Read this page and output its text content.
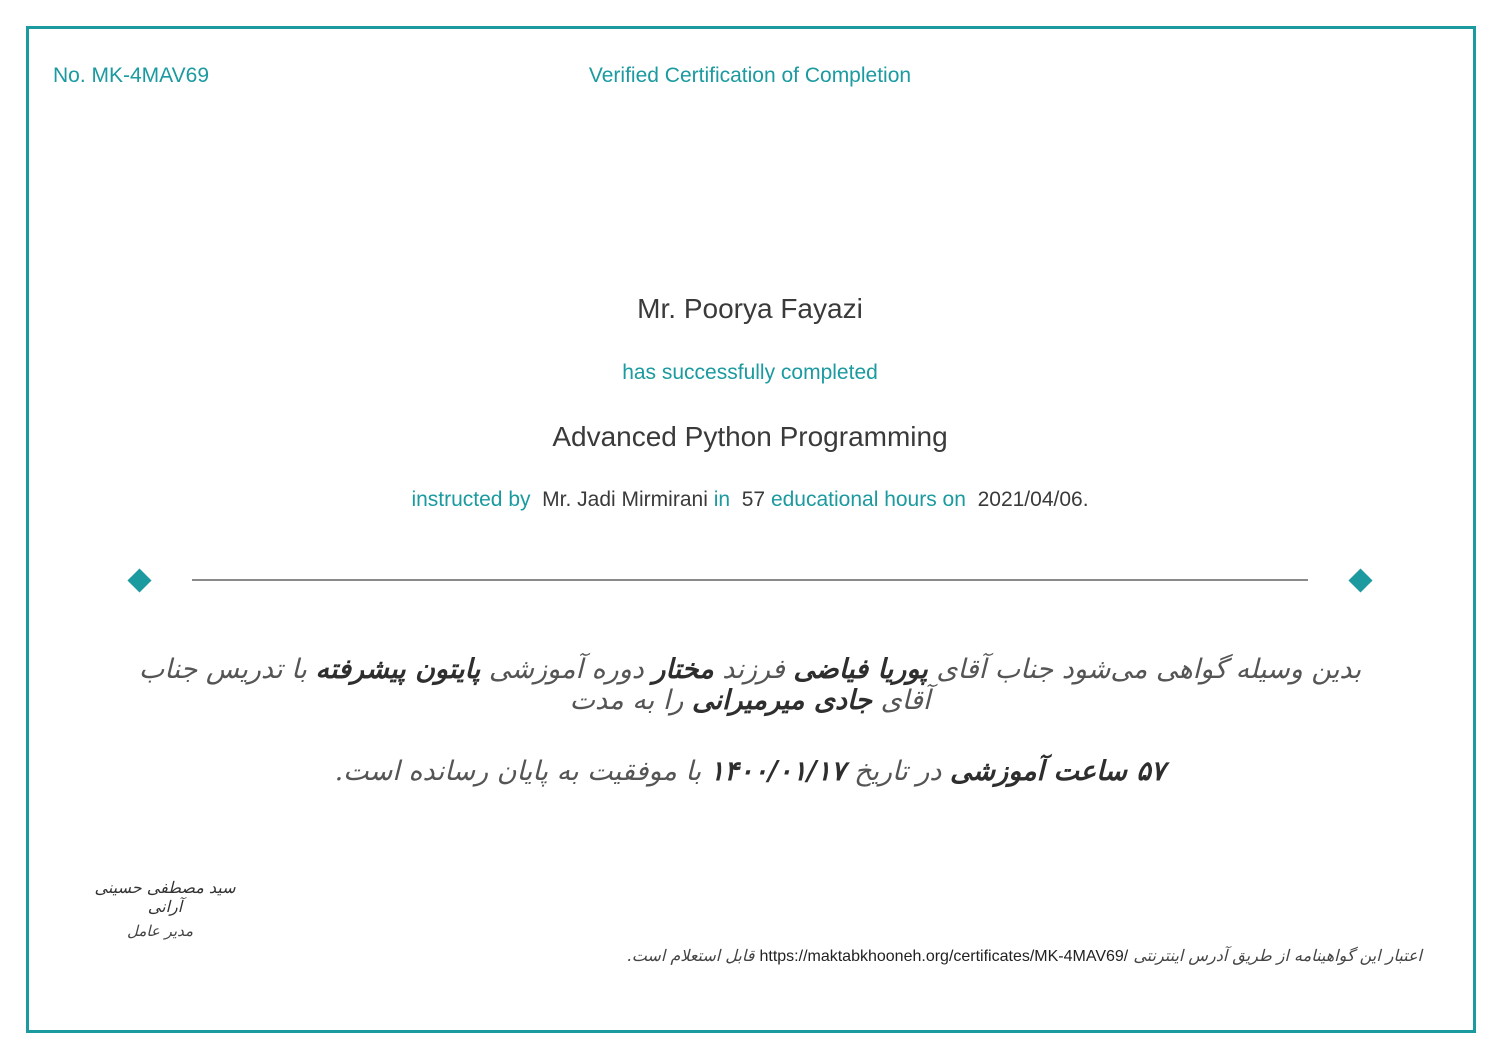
No. MK-4MAV69	Verified Certification of Completion
Mr. Poorya Fayazi
has successfully completed
Advanced Python Programming
instructed by Mr. Jadi Mirmirani in 57 educational hours on 2021/04/06.
بدین وسیله گواهی می‌شود جناب آقای پوریا فیاضی فرزند مختار دوره آموزشی پایتون پیشرفته با تدریس جناب آقای جادی میرمیرانی را به مدت
۵۷ ساعت آموزشی در تاریخ ۱۴۰۰/۰۱/۱۷ با موفقیت به پایان رسانده است.
سید مصطفی حسینی آرانی
مدیر عامل
اعتبار این گواهینامه از طریق آدرس اینترنتی https://maktabkhooneh.org/certificates/MK-4MAV69/ قابل استعلام است.
